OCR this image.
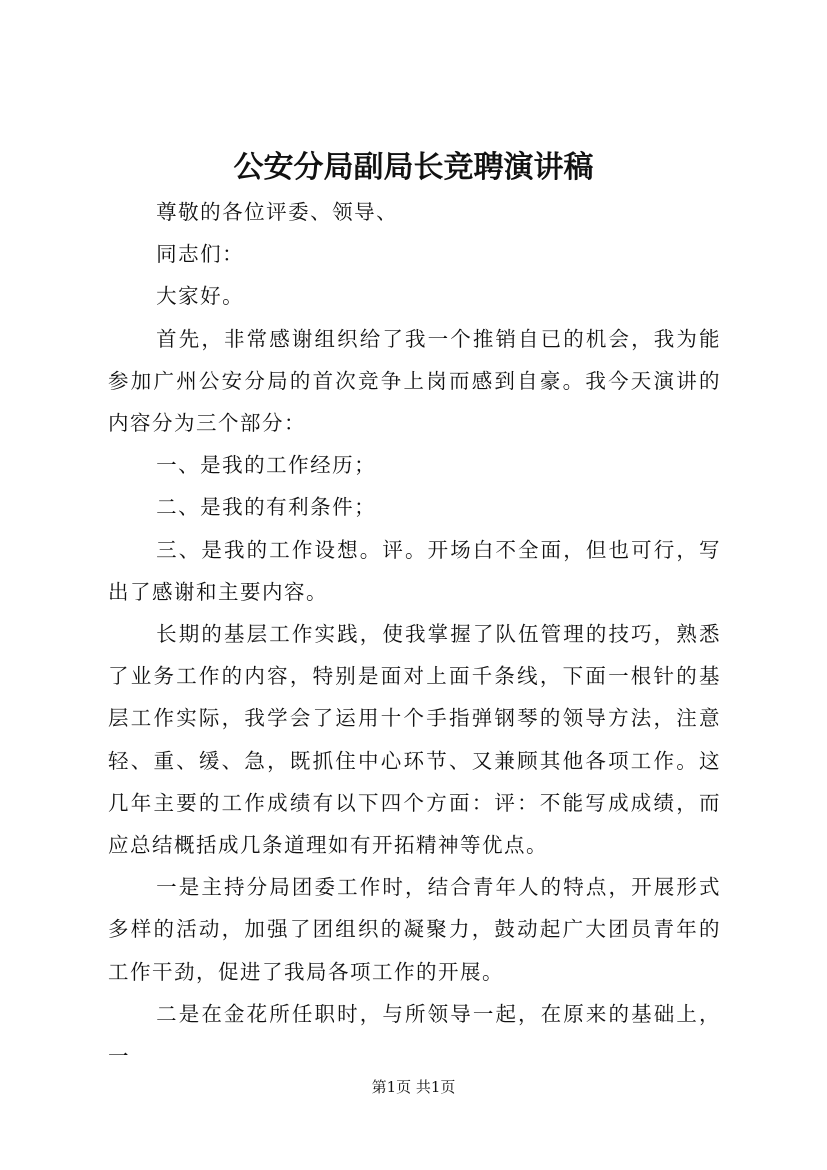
公安分局副局长竞聘演讲稿

尊敬的各位评委、领导、

同志们：

大家好。

首先，非常感谢组织给了我一个推销自已的机会，我为能参加广州公安分局的首次竞争上岗而感到自豪。我今天演讲的内容分为三个部分：

一、是我的工作经历；

二、是我的有利条件；

三、是我的工作设想。评。开场白不全面，但也可行，写出了感谢和主要内容。

长期的基层工作实践，使我掌握了队伍管理的技巧，熟悉了业务工作的内容，特别是面对上面千条线，下面一根针的基层工作实际，我学会了运用十个手指弹钢琴的领导方法，注意轻、重、缓、急，既抓住中心环节、又兼顾其他各项工作。这几年主要的工作成绩有以下四个方面：评：不能写成成绩，而应总结概括成几条道理如有开拓精神等优点。

一是主持分局团委工作时，结合青年人的特点，开展形式多样的活动，加强了团组织的凝聚力，鼓动起广大团员青年的工作干劲，促进了我局各项工作的开展。

二是在金花所任职时，与所领导一起，在原来的基础上，一

第1页 共1页
